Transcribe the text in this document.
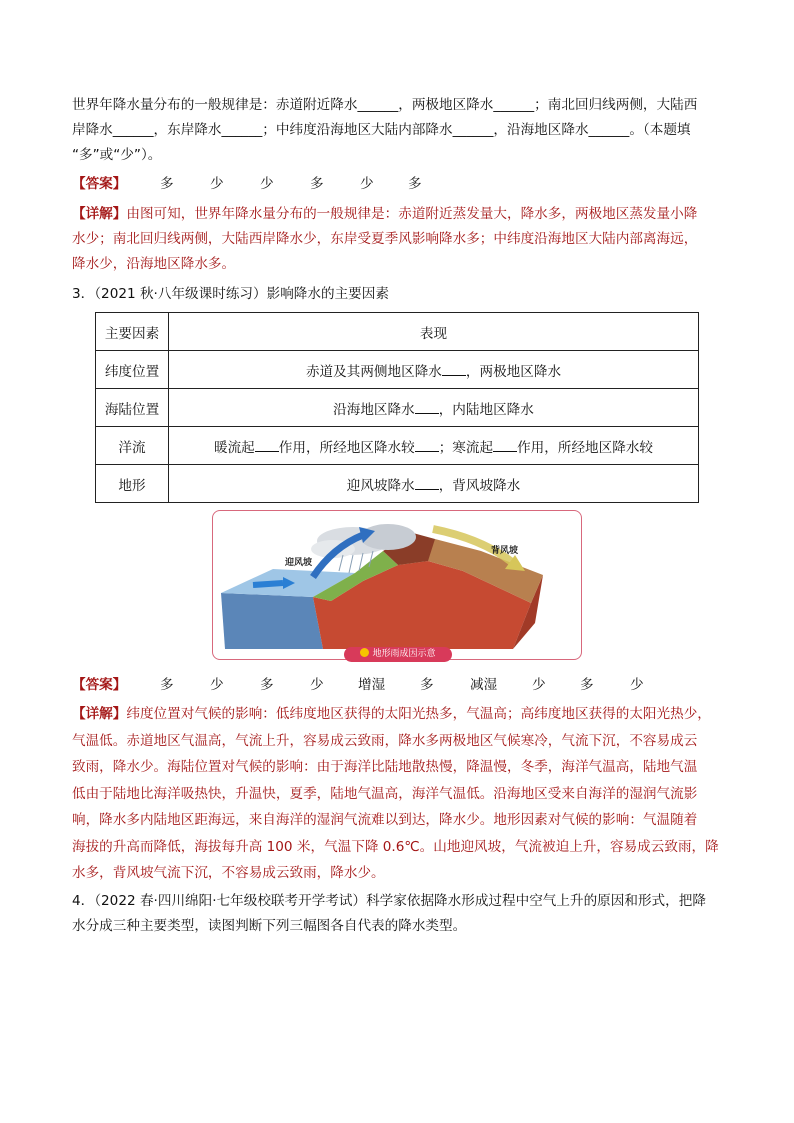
世界年降水量分布的一般规律是：赤道附近降水______，两极地区降水______；南北回归线两侧，大陆西
岸降水______，东岸降水______；中纬度沿海地区大陆内部降水______，沿海地区降水______。（本题填
“多”或“少”）。
【答案】 多	少	少	多	少	多
【详解】由图可知，世界年降水量分布的一般规律是：赤道附近蒸发量大，降水多，两极地区蒸发量小降
水少；南北回归线两侧，大陆西岸降水少，东岸受夏季风影响降水多；中纬度沿海地区大陆内部离海远，
降水少，沿海地区降水多。
3．（2021 秋·八年级课时练习）影响降水的主要因素
主要因素	表现
纬度位置	赤道及其两侧地区降水 ，两极地区降水
海陆位置	沿海地区降水 ，内陆地区降水
洋流	暖流起 作用，所经地区降水较 ；寒流起 作用，所经地区降水较
地形	迎风坡降水 ，背风坡降水
迎风坡
背风坡
地形雨成因示意
【答案】 多	少	多	少	增湿	多	减湿	少	多	少
【详解】纬度位置对气候的影响：低纬度地区获得的太阳光热多，气温高；高纬度地区获得的太阳光热少，
气温低。赤道地区气温高，气流上升，容易成云致雨，降水多两极地区气候寒冷，气流下沉，不容易成云
致雨，降水少。海陆位置对气候的影响：由于海洋比陆地散热慢，降温慢，冬季，海洋气温高，陆地气温
低由于陆地比海洋吸热快，升温快，夏季，陆地气温高，海洋气温低。沿海地区受来自海洋的湿润气流影
响，降水多内陆地区距海远，来自海洋的湿润气流难以到达，降水少。地形因素对气候的影响：气温随着
海拔的升高而降低，海拔每升高 100 米，气温下降 0.6℃。山地迎风坡，气流被迫上升，容易成云致雨，降
水多，背风坡气流下沉，不容易成云致雨，降水少。
4．（2022 春·四川绵阳·七年级校联考开学考试）科学家依据降水形成过程中空气上升的原因和形式，把降
水分成三种主要类型，读图判断下列三幅图各自代表的降水类型。
